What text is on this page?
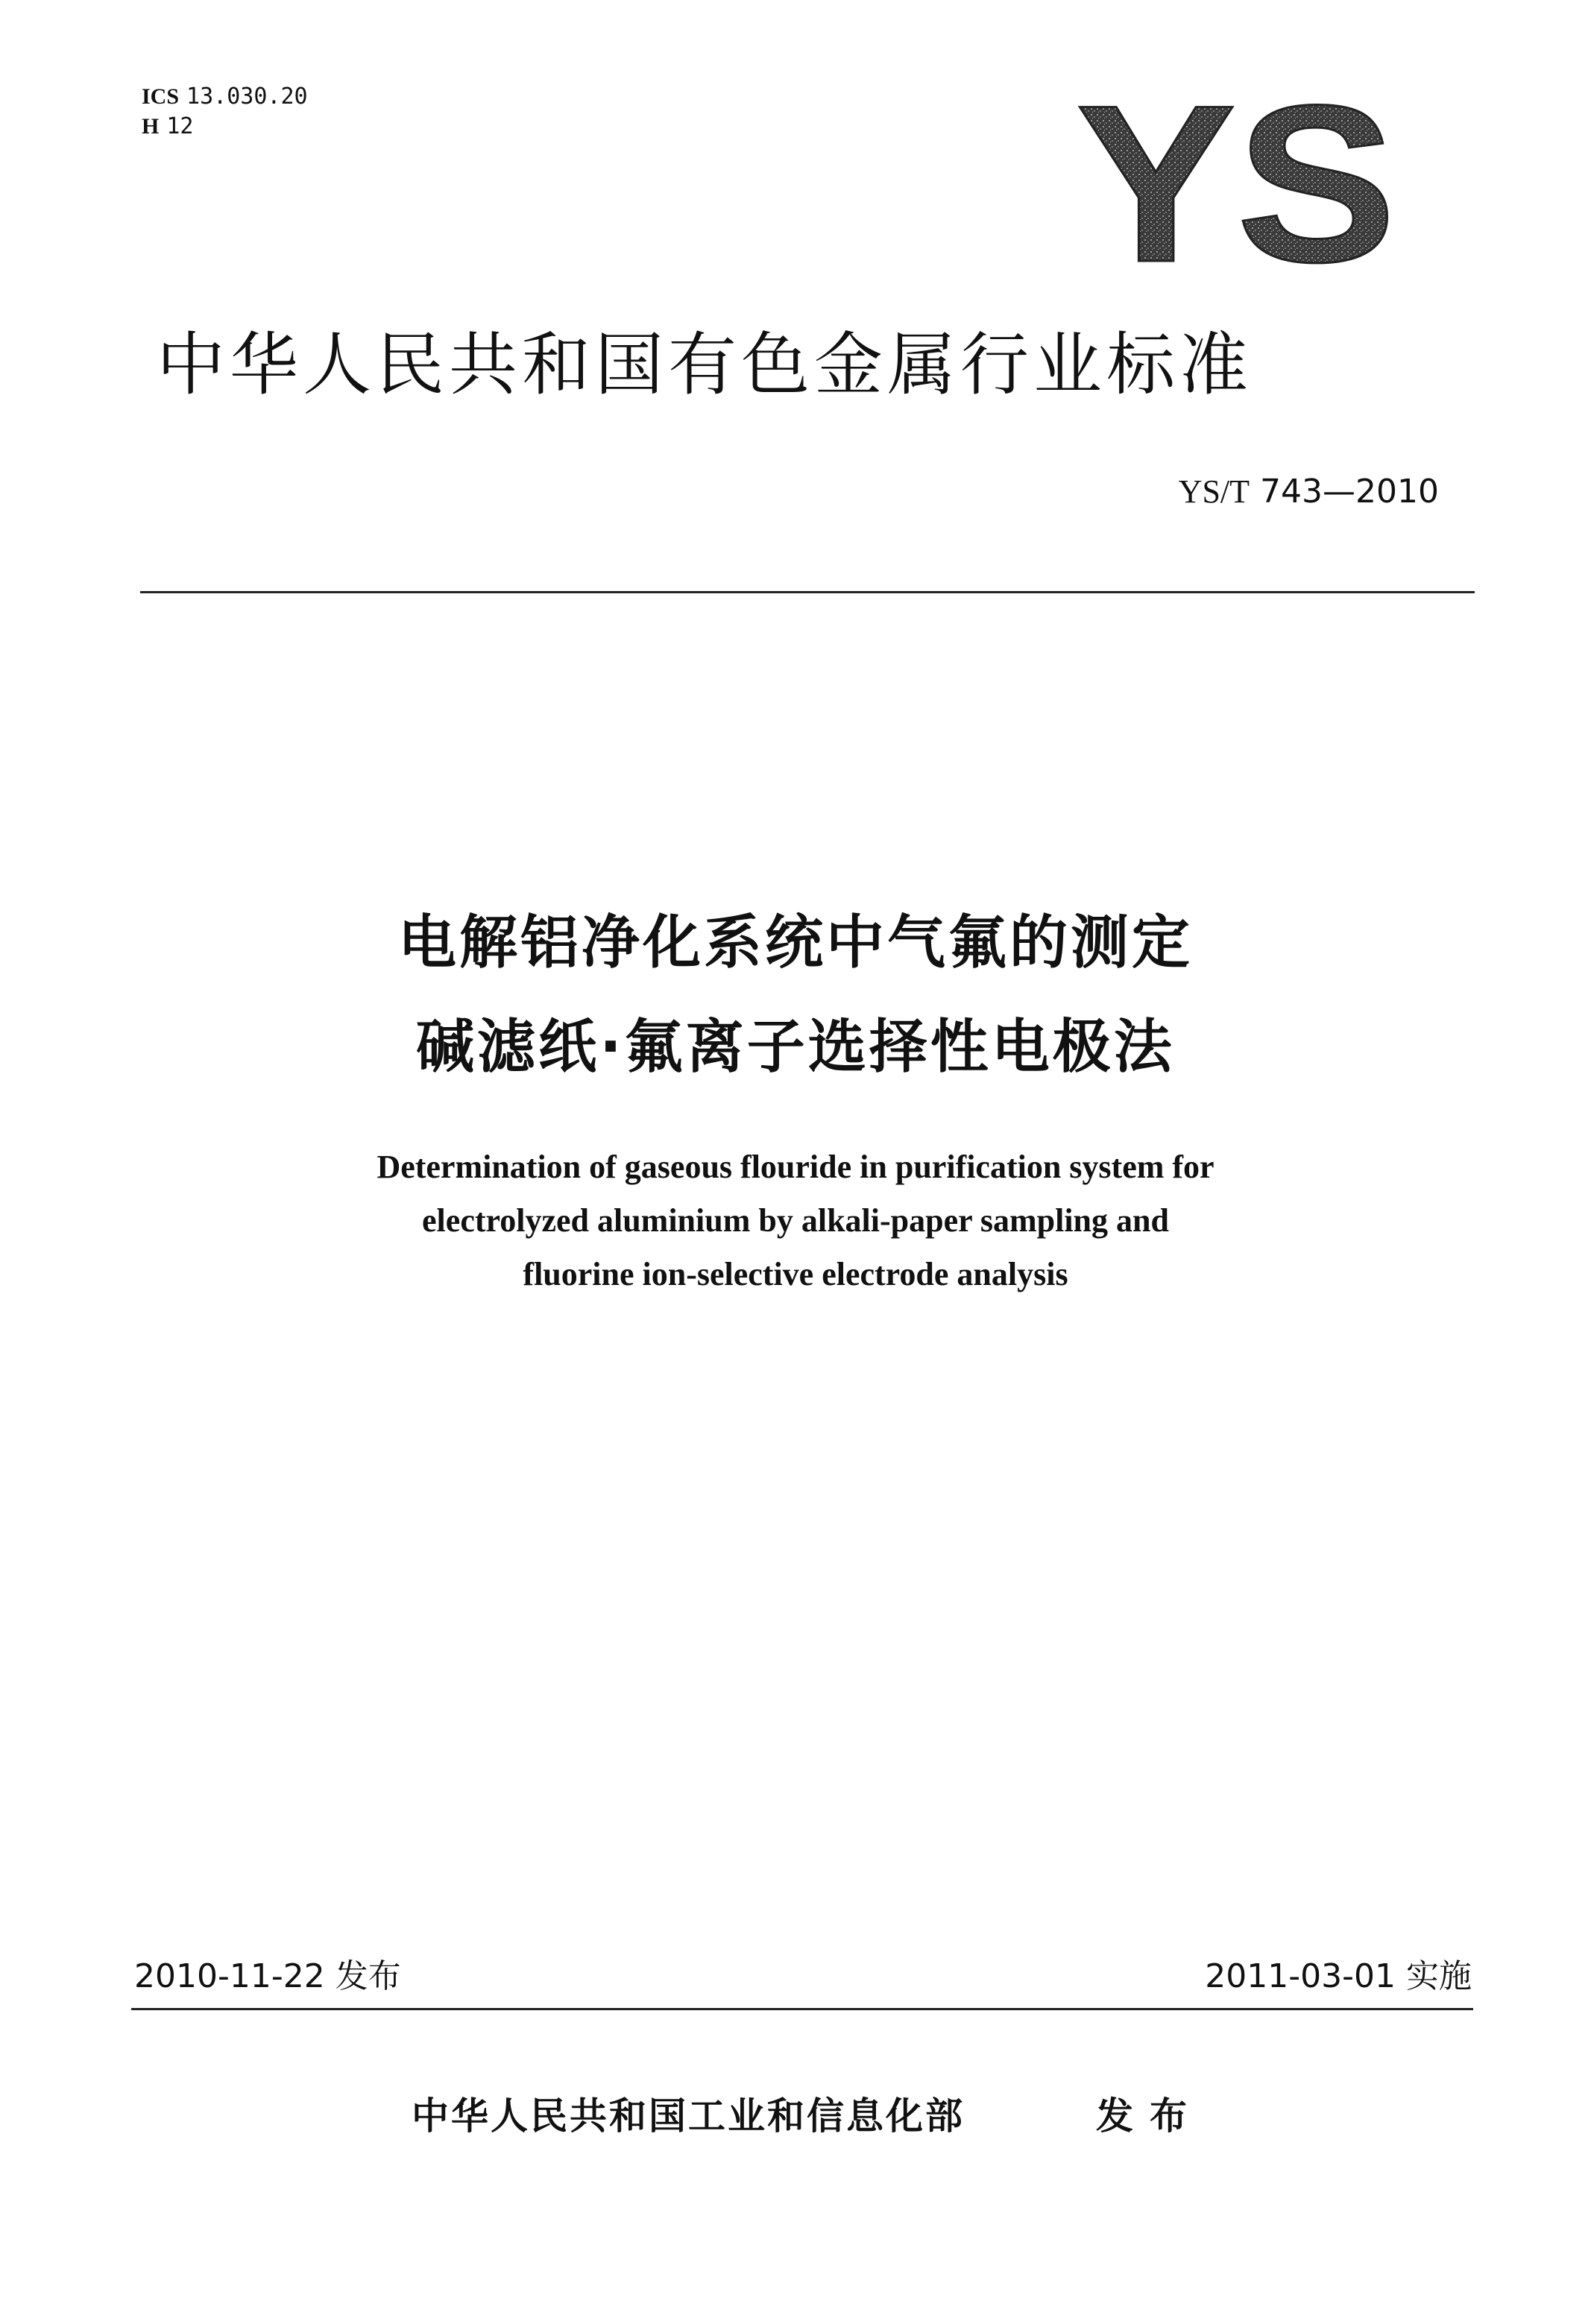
ICS 13.030.20
H 12	YS
中华人民共和国有色金属行业标准
YS/T 743—2010
电解铝净化系统中气氟的测定
碱滤纸·氟离子选择性电极法
Determination of gaseous flouride in purification system for
electrolyzed aluminium by alkali-paper sampling and
fluorine ion-selective electrode analysis
2010-11-22 发布	2011-03-01 实施
中华人民共和国工业和信息化部	发布
